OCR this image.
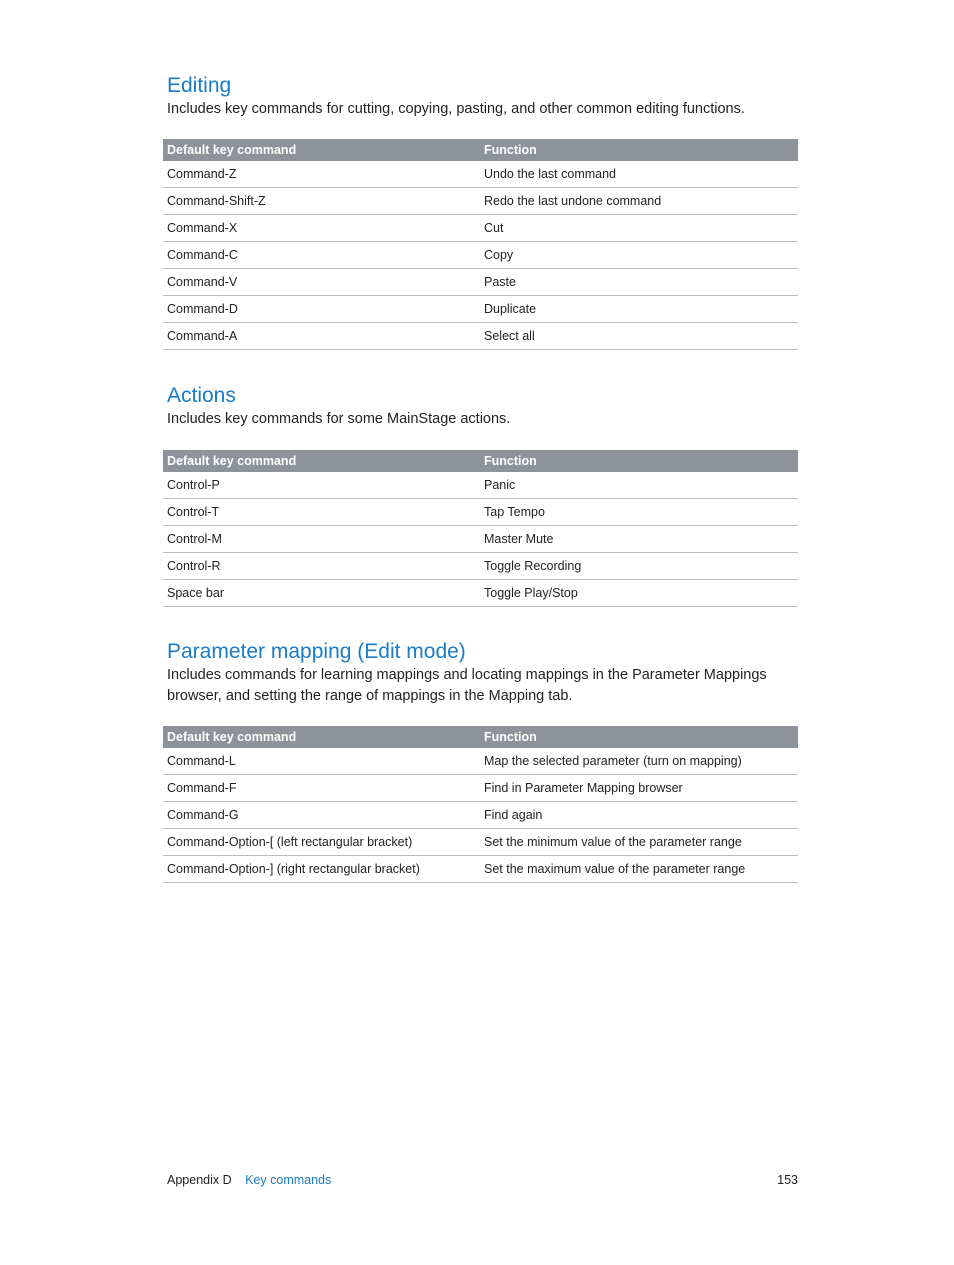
Editing

Includes key commands for cutting, copying, pasting, and other common editing functions.

Default key command	Function
Command-Z	Undo the last command
Command-Shift-Z	Redo the last undone command
Command-X	Cut
Command-C	Copy
Command-V	Paste
Command-D	Duplicate
Command-A	Select all
Actions

Includes key commands for some MainStage actions.

Default key command	Function
Control-P	Panic
Control-T	Tap Tempo
Control-M	Master Mute
Control-R	Toggle Recording
Space bar	Toggle Play/Stop
Parameter mapping (Edit mode)

Includes commands for learning mappings and locating mappings in the Parameter Mappings browser, and setting the range of mappings in the Mapping tab.

Default key command	Function
Command-L	Map the selected parameter (turn on mapping)
Command-F	Find in Parameter Mapping browser
Command-G	Find again
Command-Option-[ (left rectangular bracket)	Set the minimum value of the parameter range
Command-Option-] (right rectangular bracket)	Set the maximum value of the parameter range
Appendix D Key commands	153
